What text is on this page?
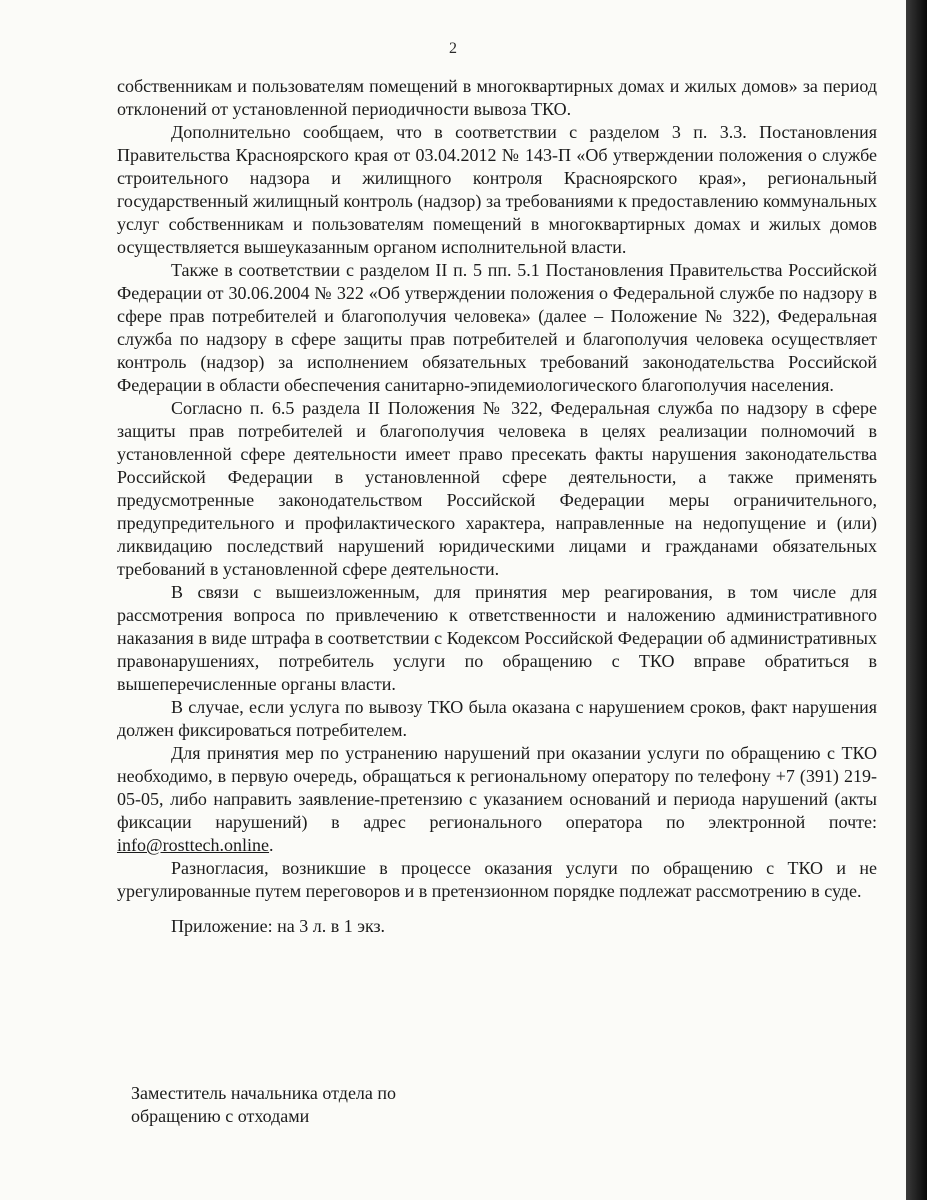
2

собственникам и пользователям помещений в многоквартирных домах и жилых домов» за период отклонений от установленной периодичности вывоза ТКО.

Дополнительно сообщаем, что в соответствии с разделом 3 п. 3.3. Постановления Правительства Красноярского края от 03.04.2012 № 143-П «Об утверждении положения о службе строительного надзора и жилищного контроля Красноярского края», региональный государственный жилищный контроль (надзор) за требованиями к предоставлению коммунальных услуг собственникам и пользователям помещений в многоквартирных домах и жилых домов осуществляется вышеуказанным органом исполнительной власти.

Также в соответствии с разделом II п. 5 пп. 5.1 Постановления Правительства Российской Федерации от 30.06.2004 № 322 «Об утверждении положения о Федеральной службе по надзору в сфере прав потребителей и благополучия человека» (далее – Положение № 322), Федеральная служба по надзору в сфере защиты прав потребителей и благополучия человека осуществляет контроль (надзор) за исполнением обязательных требований законодательства Российской Федерации в области обеспечения санитарно-эпидемиологического благополучия населения.

Согласно п. 6.5 раздела II Положения № 322, Федеральная служба по надзору в сфере защиты прав потребителей и благополучия человека в целях реализации полномочий в установленной сфере деятельности имеет право пресекать факты нарушения законодательства Российской Федерации в установленной сфере деятельности, а также применять предусмотренные законодательством Российской Федерации меры ограничительного, предупредительного и профилактического характера, направленные на недопущение и (или) ликвидацию последствий нарушений юридическими лицами и гражданами обязательных требований в установленной сфере деятельности.

В связи с вышеизложенным, для принятия мер реагирования, в том числе для рассмотрения вопроса по привлечению к ответственности и наложению административного наказания в виде штрафа в соответствии с Кодексом Российской Федерации об административных правонарушениях, потребитель услуги по обращению с ТКО вправе обратиться в вышеперечисленные органы власти.

В случае, если услуга по вывозу ТКО была оказана с нарушением сроков, факт нарушения должен фиксироваться потребителем.

Для принятия мер по устранению нарушений при оказании услуги по обращению с ТКО необходимо, в первую очередь, обращаться к региональному оператору по телефону +7 (391) 219-05-05, либо направить заявление-претензию с указанием оснований и периода нарушений (акты фиксации нарушений) в адрес регионального оператора по электронной почте: info@rosttech.online.

Разногласия, возникшие в процессе оказания услуги по обращению с ТКО и не урегулированные путем переговоров и в претензионном порядке подлежат рассмотрению в суде.

Приложение: на 3 л. в 1 экз.

Заместитель начальника отдела по
обращению с отходами
